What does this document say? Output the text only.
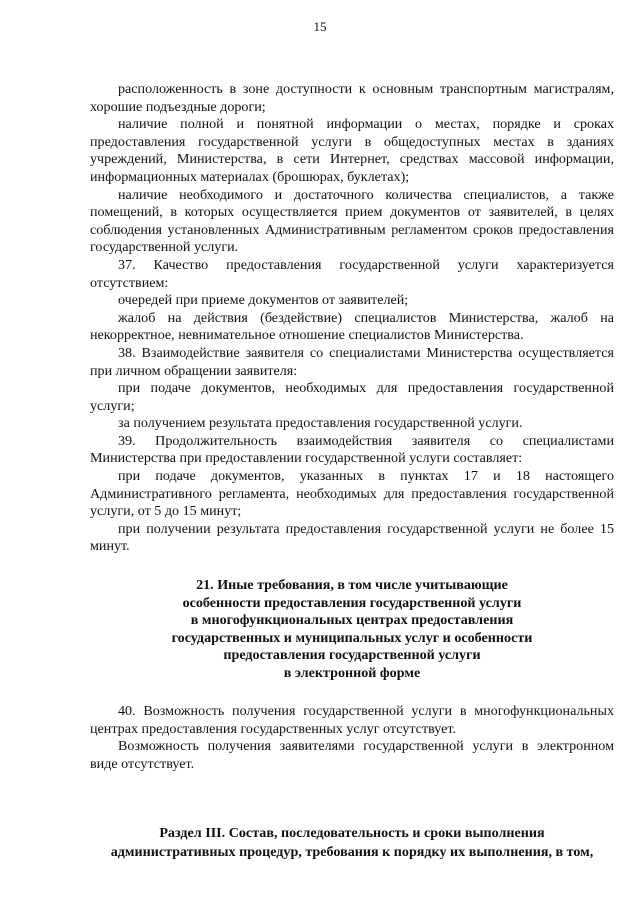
15

расположенность в зоне доступности к основным транспортным магистралям, хорошие подъездные дороги;

наличие полной и понятной информации о местах, порядке и сроках предоставления государственной услуги в общедоступных местах в зданиях учреждений, Министерства, в сети Интернет, средствах массовой информации, информационных материалах (брошюрах, буклетах);

наличие необходимого и достаточного количества специалистов, а также помещений, в которых осуществляется прием документов от заявителей, в целях соблюдения установленных Административным регламентом сроков предоставления государственной услуги.

37. Качество предоставления государственной услуги характеризуется отсутствием:

очередей при приеме документов от заявителей;

жалоб на действия (бездействие) специалистов Министерства, жалоб на некорректное, невнимательное отношение специалистов Министерства.

38. Взаимодействие заявителя со специалистами Министерства осуществляется при личном обращении заявителя:

при подаче документов, необходимых для предоставления государственной услуги;

за получением результата предоставления государственной услуги.

39. Продолжительность взаимодействия заявителя со специалистами Министерства при предоставлении государственной услуги составляет:

при подаче документов, указанных в пунктах 17 и 18 настоящего Административного регламента, необходимых для предоставления государственной услуги, от 5 до 15 минут;

при получении результата предоставления государственной услуги не более 15 минут.

21. Иные требования, в том числе учитывающие
особенности предоставления государственной услуги
в многофункциональных центрах предоставления
государственных и муниципальных услуг и особенности
предоставления государственной услуги
в электронной форме

40. Возможность получения государственной услуги в многофункциональных центрах предоставления государственных услуг отсутствует.

Возможность получения заявителями государственной услуги в электронном виде отсутствует.

Раздел III. Состав, последовательность и сроки выполнения
административных процедур, требования к порядку их выполнения, в том,
